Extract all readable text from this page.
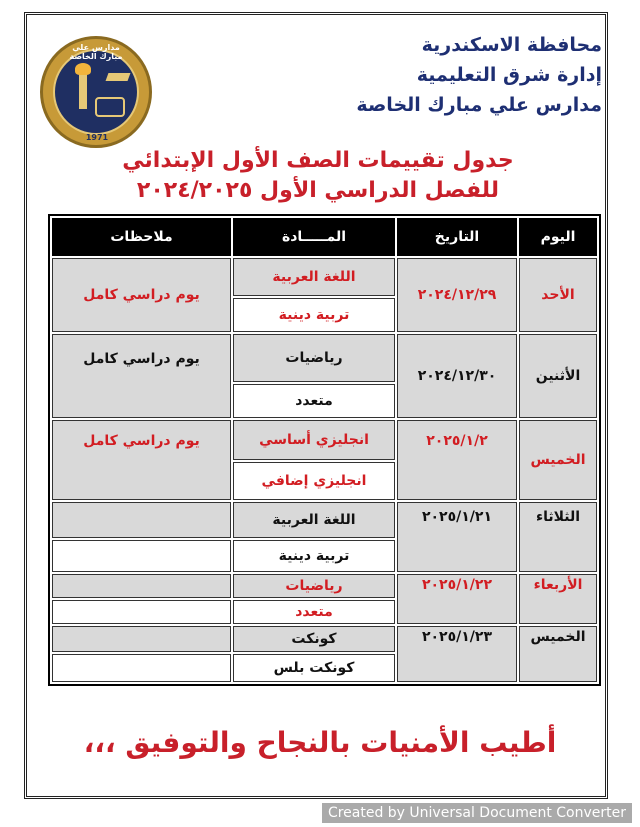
مدارس علي مبارك الخاصة
1971
محافظة الاسكندرية
إدارة شرق التعليمية
مدارس علي مبارك الخاصة
جدول تقييمات الصف الأول الإبتدائي
للفصل الدراسي الأول ٢٠٢٤/٢٠٢٥
اليوم	التاريخ	المـــــادة	ملاحظات
الأحد	٢٠٢٤/١٢/٢٩	اللغة العربية	يوم دراسي كامل
		تربية دينية	
الأثنين	٢٠٢٤/١٢/٣٠	رياضيات	يوم دراسي كامل
		متعدد	
الخميس	٢٠٢٥/١/٢	انجليزي أساسي	يوم دراسي كامل
		انجليزي إضافي	
الثلاثاء	٢٠٢٥/١/٢١	اللغة العربية	
		تربية دينية	
الأربعاء	٢٠٢٥/١/٢٢	رياضيات	
		متعدد	
الخميس	٢٠٢٥/١/٢٣	كونكت	
		كونكت بلس	
أطيب الأمنيات بالنجاح والتوفيق ،،،
Created by Universal Document Converter
